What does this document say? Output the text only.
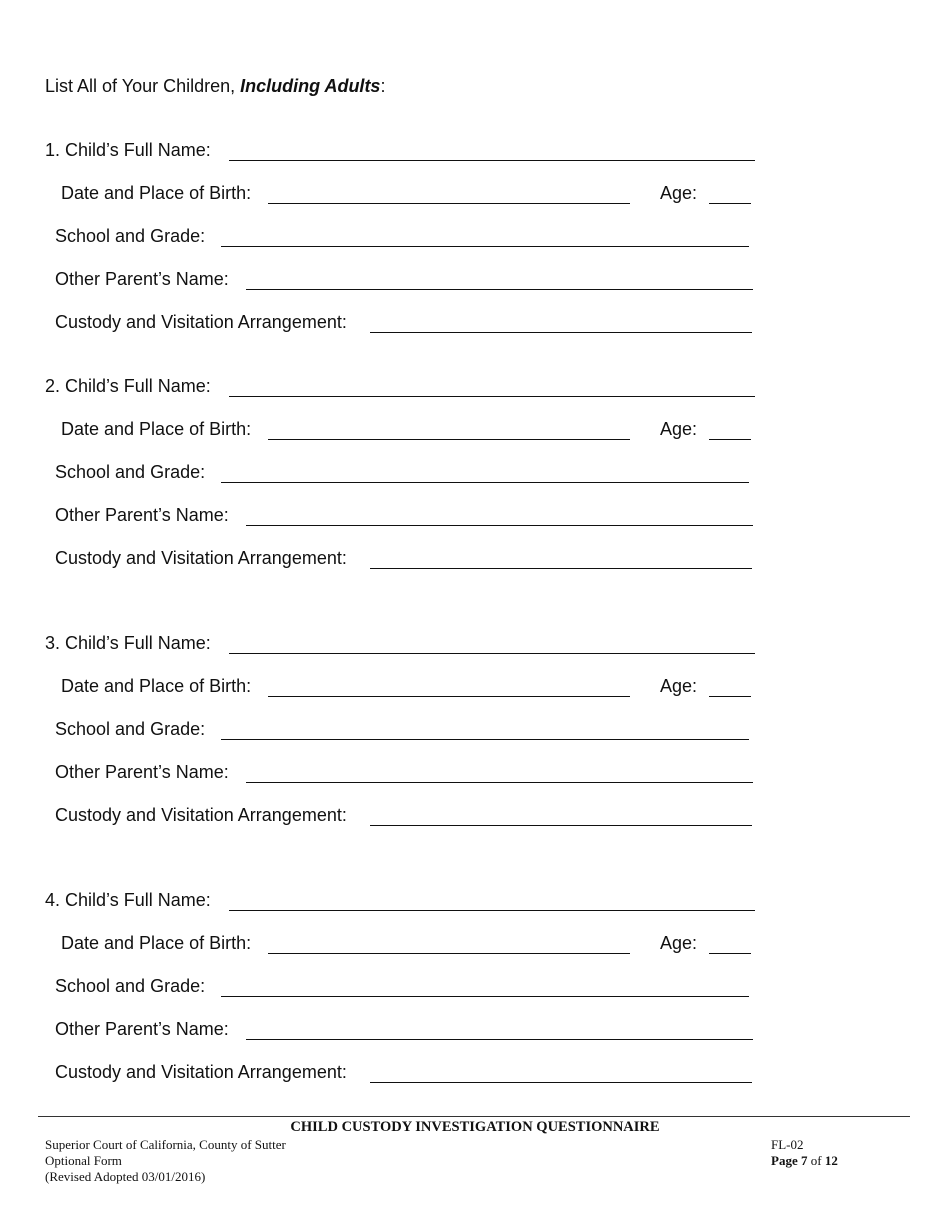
List All of Your Children, Including Adults:
1. Child’s Full Name:
Date and Place of Birth:	Age:
School and Grade:
Other Parent’s Name:
Custody and Visitation Arrangement:
2. Child’s Full Name:
Date and Place of Birth:	Age:
School and Grade:
Other Parent’s Name:
Custody and Visitation Arrangement:
3. Child’s Full Name:
Date and Place of Birth:	Age:
School and Grade:
Other Parent’s Name:
Custody and Visitation Arrangement:
4. Child’s Full Name:
Date and Place of Birth:	Age:
School and Grade:
Other Parent’s Name:
Custody and Visitation Arrangement:
CHILD CUSTODY INVESTIGATION QUESTIONNAIRE
Superior Court of California, County of Sutter
Optional Form
(Revised Adopted 03/01/2016)
FL-02
Page 7 of 12
